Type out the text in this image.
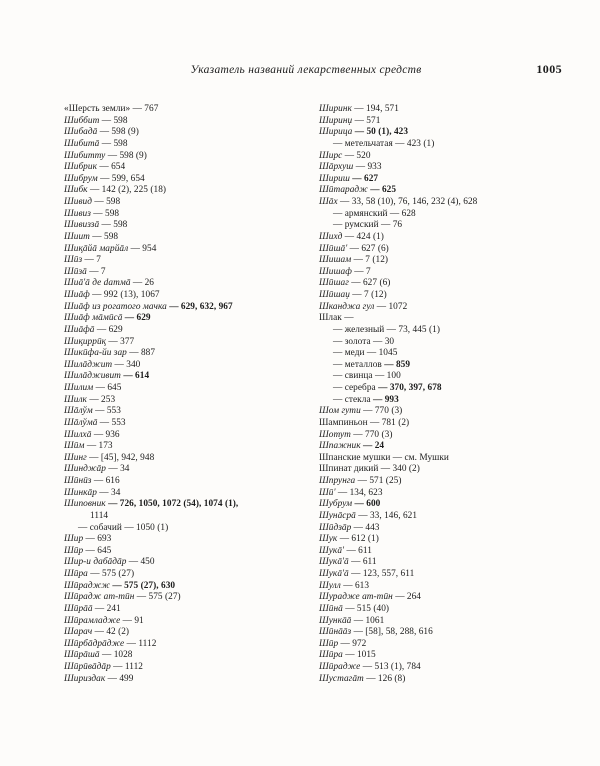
Указатель названий лекарственных средств	1005
«Шерсть земли» — 767
Шиббит — 598
Шибадā — 598 (9)
Шибитā — 598
Шибитту — 598 (9)
Шибрик — 654
Шибрум — 599, 654
Шибк — 142 (2), 225 (18)
Шивид — 598
Шивиз — 598
Шивиззā — 598
Шиит — 598
Шиқāйā марйāл — 954
Шūз — 7
Шūзā — 7
Шиā'ā де damмā — 26
Шиāф — 992 (13), 1067
Шиāф из рогатого мачка — 629, 632, 967
Шиāф мāмūсā — 629
Шиāфā — 629
Шиқиррūқ — 377
Шикūфа-йи зар — 887
Шилāджит — 340
Шилāдживит — 614
Шилим — 645
Шилк — 253
Шāлўм — 553
Шāлўмā — 553
Шилхā — 936
Шūм — 173
Шинг — [45], 942, 948
Шинджāр — 34
Шūнūз — 616
Шинкāр — 34
Шиповник — 726, 1050, 1072 (54), 1074 (1),
1114
— собачий — 1050 (1)
Шир — 693
Шūр — 645
Шир-и дабāдāр — 450
Шūра — 575 (27)
Шūраджж — 575 (27), 630
Шūрадж ат-тūн — 575 (27)
Шūрāā — 241
Шūрамладже — 91
Шарач — 42 (2)
Шūрбāдрāдже — 1112
Шūрāшā — 1028
Шūрūвāдāр — 1112
Шириздак — 499
Ширинк — 194, 571
Ширинџ — 571
Ширица — 50 (1), 423
— метельчатая — 423 (1)
Ширс — 520
Шāрхуш — 933
Шириш — 627
Шūтарадж — 625
Шāх — 33, 58 (10), 76, 146, 232 (4), 628
— армянский — 628
— румский — 76
Шихд — 424 (1)
Шūшā' — 627 (6)
Шишам — 7 (12)
Шишаф — 7
Шūшаг — 627 (6)
Шūшаџ — 7 (12)
Шканджа гул — 1072
Шлак —
— железный — 73, 445 (1)
— золота — 30
— меди — 1045
— металлов — 859
— свинца — 100
— серебра — 370, 397, 678
— стекла — 993
Шом гути — 770 (3)
Шампиньон — 781 (2)
Шотут — 770 (3)
Шпажник — 24
Шпанские мушки — см. Мушки
Шпинат дикий — 340 (2)
Шпрунга — 571 (25)
Шū' — 134, 623
Шубрум — 600
Шунāсрā — 33, 146, 621
Шūдзāр — 443
Шук — 612 (1)
Шукā' — 611
Шукā'ā — 611
Шукā'ā — 123, 557, 611
Шулл — 613
Шурадже ат-тūн — 264
Шūнā — 515 (40)
Шункāā — 1061
Шūнāāз — [58], 58, 288, 616
Шūр — 972
Шūра — 1015
Шūрадже — 513 (1), 784
Шустагāт — 126 (8)
